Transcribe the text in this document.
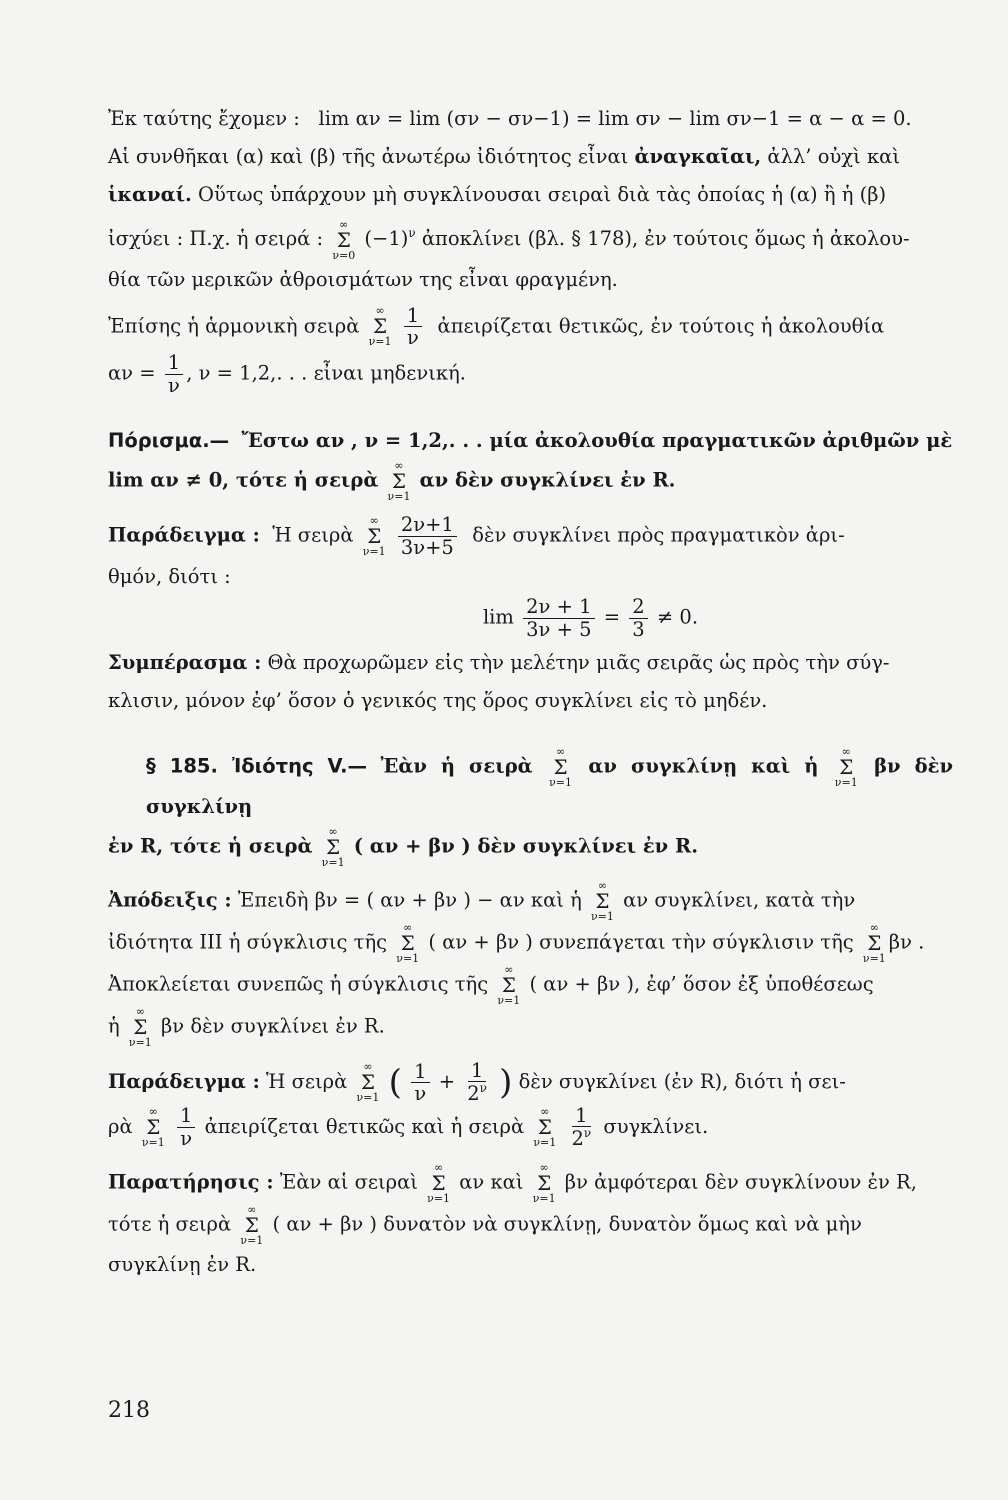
Ἐκ ταύτης ἔχομεν : lim αν = lim (σν − σν−1) = lim σν − lim σν−1 = α − α = 0.

Αἱ συνθῆκαι (α) καὶ (β) τῆς ἀνωτέρω ἰδιότητος εἶναι ἀναγκαῖαι, ἀλλ’ οὐχὶ καὶ

ἱκαναί. Οὕτως ὑπάρχουν μὴ συγκλίνουσαι σειραὶ διὰ τὰς ὁποίας ἡ (α) ἢ ἡ (β)

ἰσχύει : Π.χ. ἡ σειρά :
∞
Σ
ν=0
$(-1)^\nu$ ἀποκλίνει (βλ. § 178), ἐν τούτοις ὅμως ἡ ἀκολου-

θία τῶν μερικῶν ἀθροισμάτων της εἶναι φραγμένη.

Ἐπίσης ἡ ἁρμονικὴ σειρὰ
∞
Σ
ν=1
$\frac{1}{\nu}$ ἀπειρίζεται θετικῶς, ἐν τούτοις ἡ ἀκολουθία

$\alpha\nu = \frac{1}{\nu}$ , ν = 1,2,. . . εἶναι μηδενική.

Πόρισμα.— Ἔστω αν , ν = 1,2,. . . μία ἀκολουθία πραγματικῶν ἀριθμῶν μὲ

lim αν ≠ 0, τότε ἡ σειρὰ
∞
Σ
ν=1
αν δὲν συγκλίνει ἐν R.

Παράδειγμα : Ἡ σειρὰ
∞
Σ
ν=1
$\frac{2\nu+1}{3\nu+5}$ δὲν συγκλίνει πρὸς πραγματικὸν ἀρι-

θμόν, διότι :

$\lim \frac{2\nu + 1}{3\nu + 5} = \frac{2}{3} \ne 0$.

Συμπέρασμα : Θὰ προχωρῶμεν εἰς τὴν μελέτην μιᾶς σειρᾶς ὡς πρὸς τὴν σύγ-

κλισιν, μόνον ἐφ’ ὅσον ὁ γενικός της ὅρος συγκλίνει εἰς τὸ μηδέν.

§ 185. Ἰδιότης V.— Ἐὰν ἡ σειρὰ
∞
Σ
ν=1
αν συγκλίνῃ καὶ ἡ
∞
Σ
ν=1
βν δὲν συγκλίνῃ

ἐν R, τότε ἡ σειρὰ
∞
Σ
ν=1
( αν + βν ) δὲν συγκλίνει ἐν R.

Ἀπόδειξις : Ἐπειδὴ βν = ( αν + βν ) − αν καὶ ἡ
∞
Σ
ν=1
αν συγκλίνει, κατὰ τὴν

ἰδιότητα III ἡ σύγκλισις τῆς
∞
Σ
ν=1
( αν + βν ) συνεπάγεται τὴν σύγκλισιν τῆς
∞
Σ
ν=1
βν .

Ἀποκλείεται συνεπῶς ἡ σύγκλισις τῆς
∞
Σ
ν=1
( αν + βν ), ἐφ’ ὅσον ἐξ ὑποθέσεως

ἡ
∞
Σ
ν=1
βν δὲν συγκλίνει ἐν R.

Παράδειγμα : Ἡ σειρὰ
∞
Σ
ν=1 ( $\frac{1}{\nu} + \frac{1}{2^\nu}$ ) δὲν συγκλίνει (ἐν R), διότι ἡ σει-

ρὰ
∞
Σ
ν=1
$\frac{1}{\nu}$ ἀπειρίζεται θετικῶς καὶ ἡ σειρὰ
∞
Σ
ν=1
$\frac{1}{2^\nu} \sigma\upsilon\gamma\kappa\lambda ί\nu\varepsilon\iota$.

Παρατήρησις : Ἐὰν αἱ σειραὶ
∞
Σ
ν=1
αν καὶ
∞
Σ
ν=1
βν ἀμφότεραι δὲν συγκλίνουν ἐν R,

τότε ἡ σειρὰ
∞
Σ
ν=1
( αν + βν ) δυνατὸν νὰ συγκλίνῃ, δυνατὸν ὅμως καὶ νὰ μὴν

συγκλίνῃ ἐν R.

218
